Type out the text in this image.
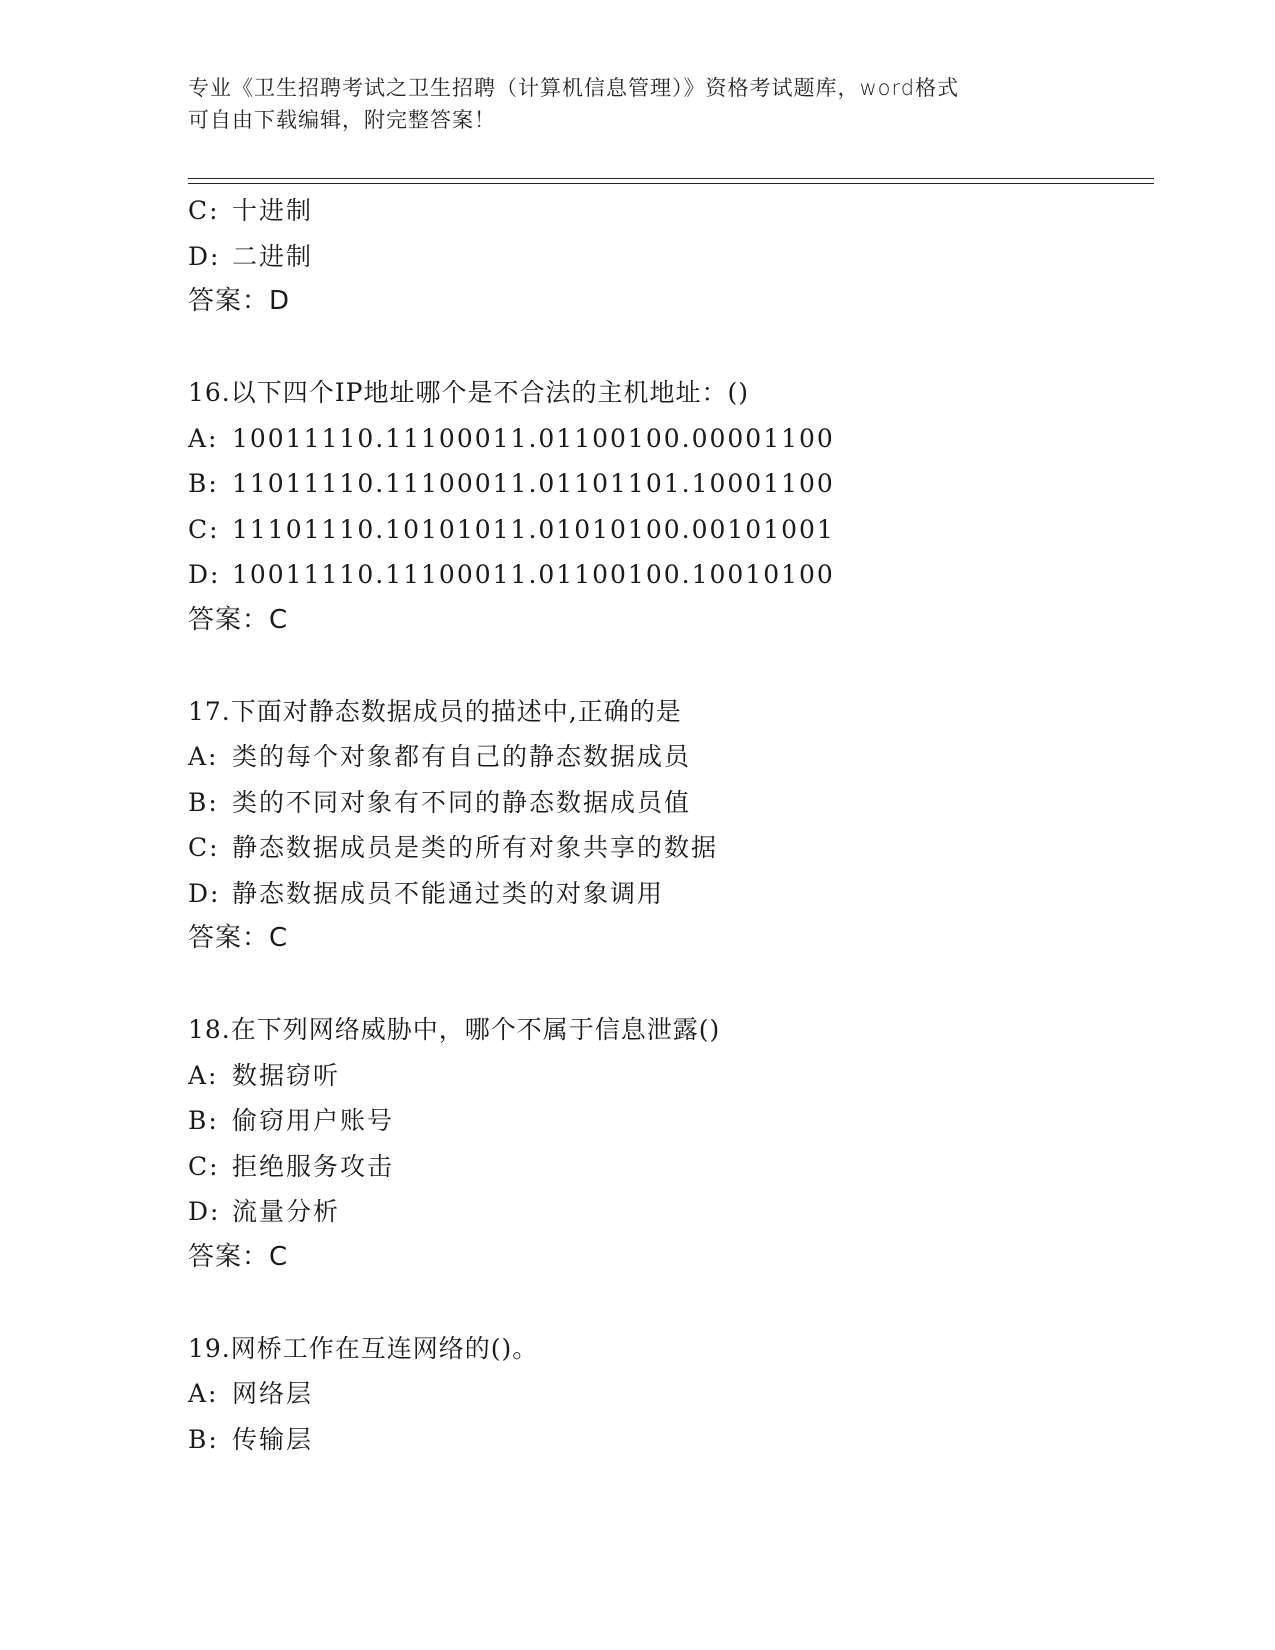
专业《卫生招聘考试之卫生招聘（计算机信息管理）》资格考试题库，word格式
可自由下载编辑，附完整答案！
C: 十进制
D: 二进制
答案：D
16.以下四个IP地址哪个是不合法的主机地址：()
A: 10011110.11100011.01100100.00001100
B: 11011110.11100011.01101101.10001100
C: 11101110.10101011.01010100.00101001
D: 10011110.11100011.01100100.10010100
答案：C
17.下面对静态数据成员的描述中,正确的是
A: 类的每个对象都有自己的静态数据成员
B: 类的不同对象有不同的静态数据成员值
C: 静态数据成员是类的所有对象共享的数据
D: 静态数据成员不能通过类的对象调用
答案：C
18.在下列网络威胁中，哪个不属于信息泄露()
A: 数据窃听
B: 偷窃用户账号
C: 拒绝服务攻击
D: 流量分析
答案：C
19.网桥工作在互连网络的()。
A: 网络层
B: 传输层
